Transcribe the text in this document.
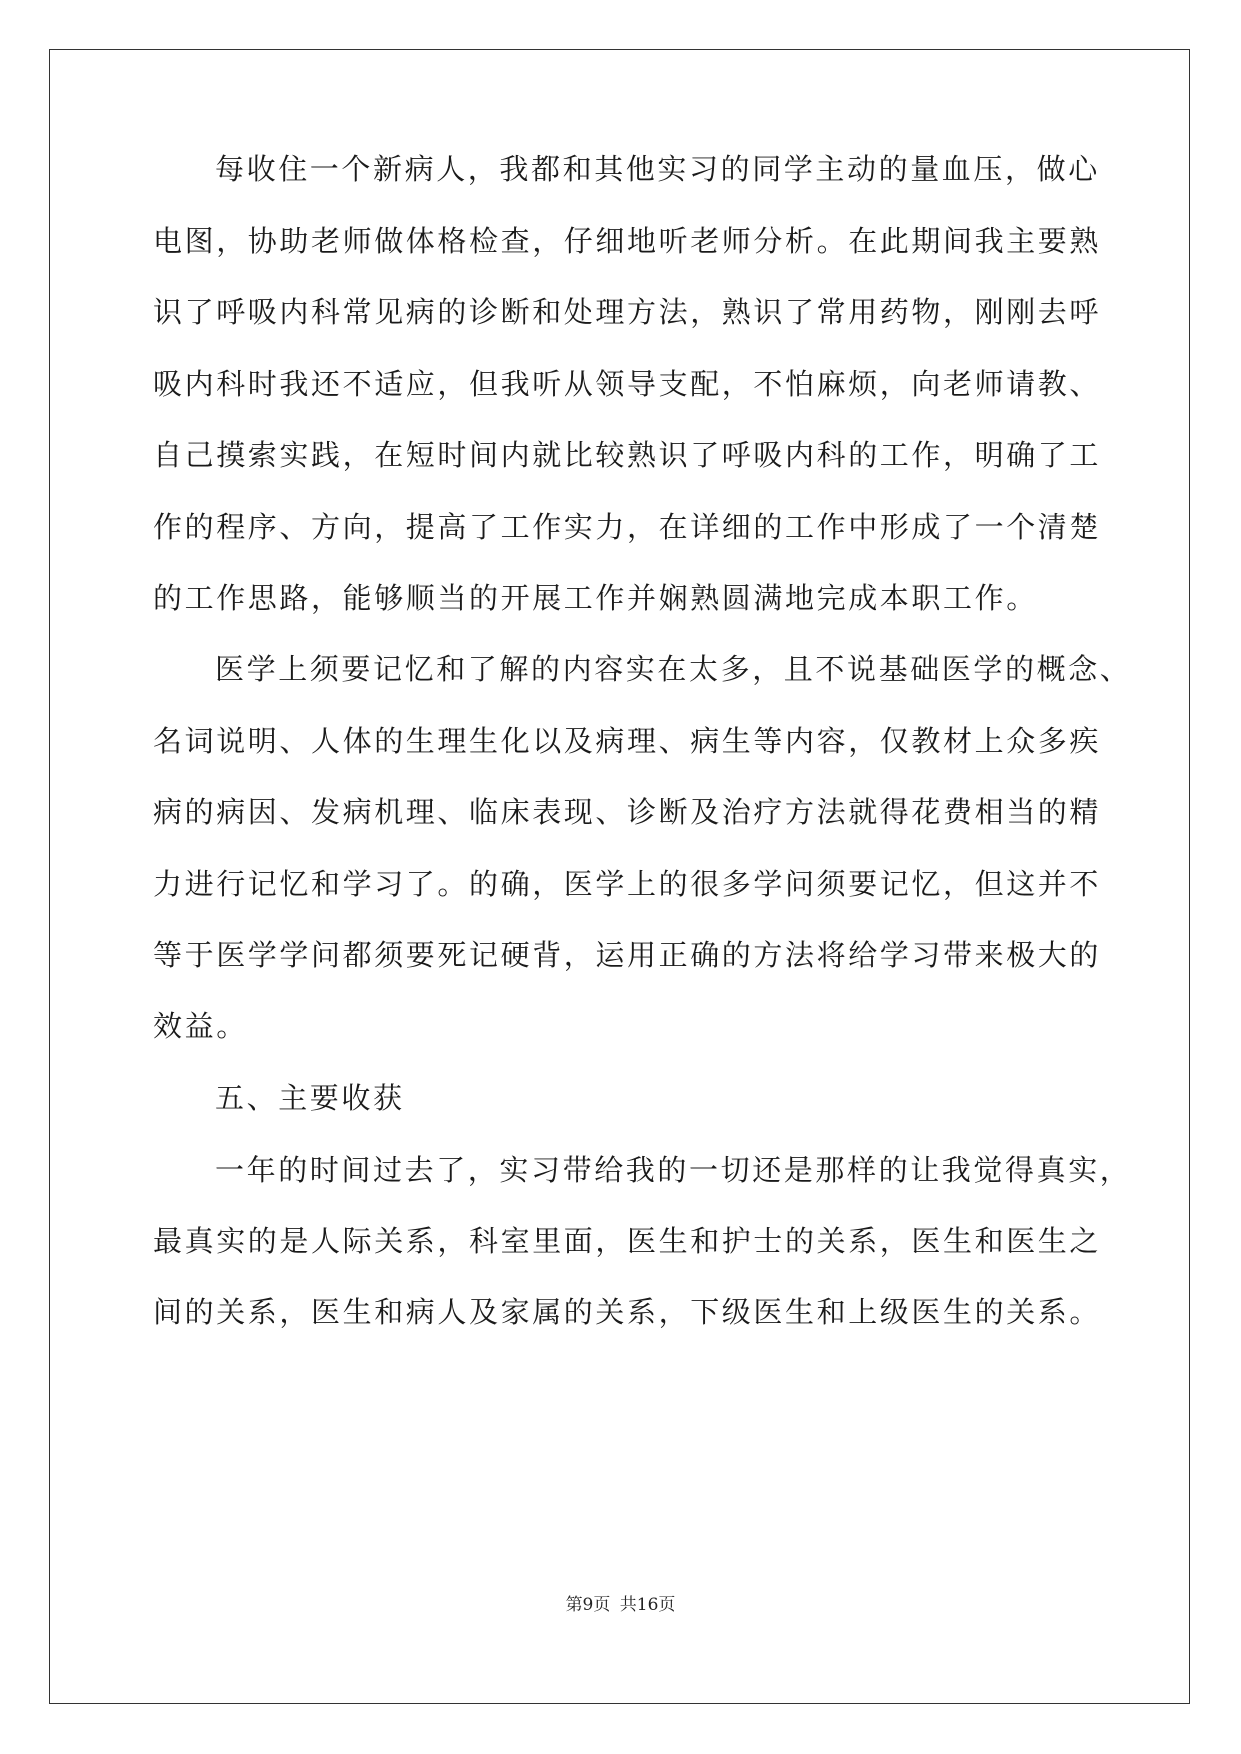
每收住一个新病人，我都和其他实习的同学主动的量血压，做心
电图，协助老师做体格检查，仔细地听老师分析。在此期间我主要熟
识了呼吸内科常见病的诊断和处理方法，熟识了常用药物，刚刚去呼
吸内科时我还不适应，但我听从领导支配，不怕麻烦，向老师请教、
自己摸索实践，在短时间内就比较熟识了呼吸内科的工作，明确了工
作的程序、方向，提高了工作实力，在详细的工作中形成了一个清楚
的工作思路，能够顺当的开展工作并娴熟圆满地完成本职工作。
医学上须要记忆和了解的内容实在太多，且不说基础医学的概念、
名词说明、人体的生理生化以及病理、病生等内容，仅教材上众多疾
病的病因、发病机理、临床表现、诊断及治疗方法就得花费相当的精
力进行记忆和学习了。的确，医学上的很多学问须要记忆，但这并不
等于医学学问都须要死记硬背，运用正确的方法将给学习带来极大的
效益。
五、主要收获
一年的时间过去了，实习带给我的一切还是那样的让我觉得真实，
最真实的是人际关系，科室里面，医生和护士的关系，医生和医生之
间的关系，医生和病人及家属的关系，下级医生和上级医生的关系。
第9页 共16页
